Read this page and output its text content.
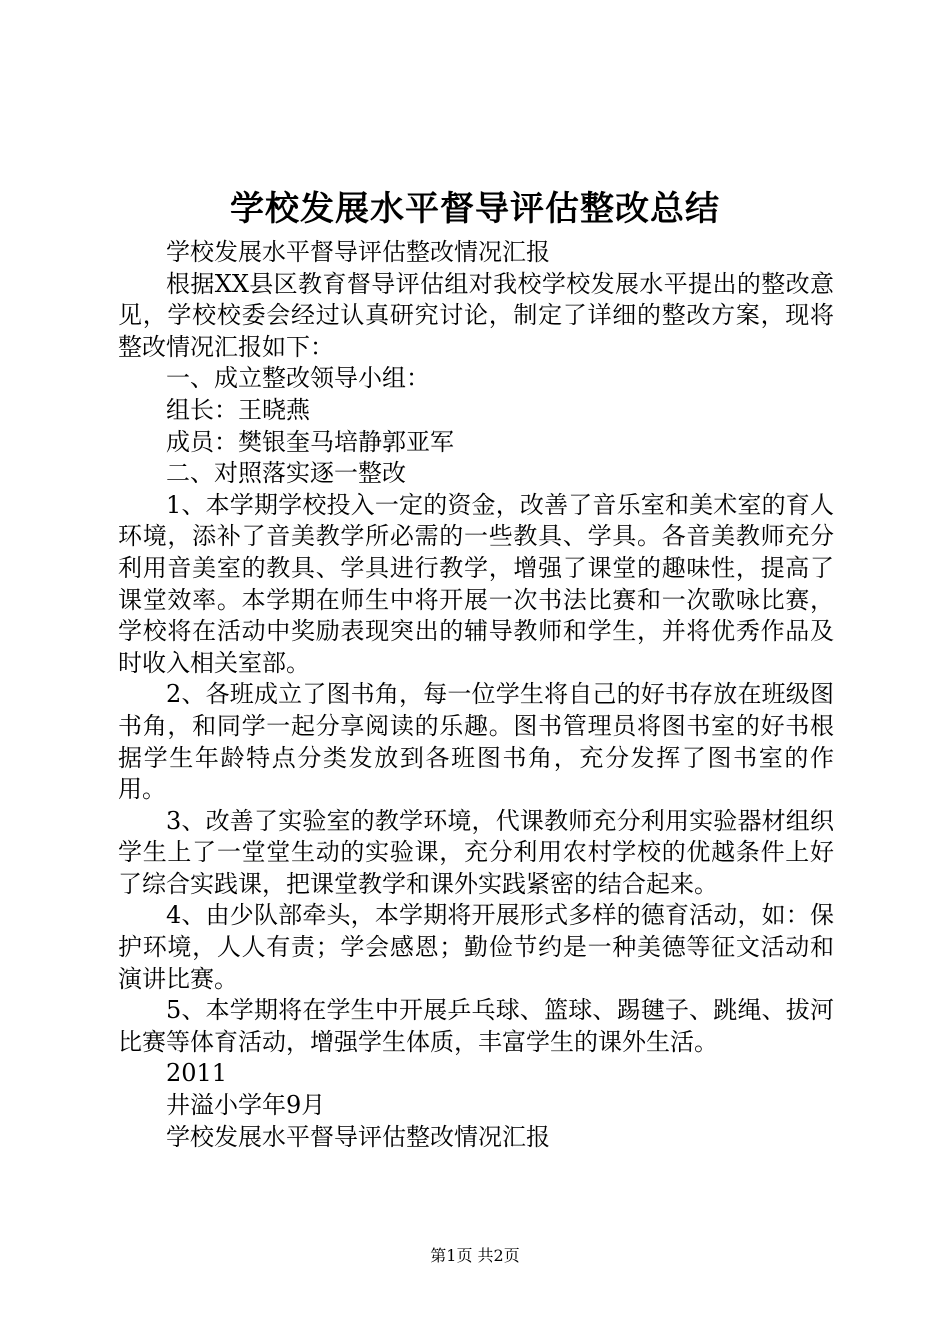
学校发展水平督导评估整改总结

学校发展水平督导评估整改情况汇报

根据XX县区教育督导评估组对我校学校发展水平提出的整改意见，学校校委会经过认真研究讨论，制定了详细的整改方案，现将整改情况汇报如下：

一、成立整改领导小组：

组长：王晓燕

成员：樊银奎马培静郭亚军

二、对照落实逐一整改

1、本学期学校投入一定的资金，改善了音乐室和美术室的育人环境，添补了音美教学所必需的一些教具、学具。各音美教师充分利用音美室的教具、学具进行教学，增强了课堂的趣味性，提高了课堂效率。本学期在师生中将开展一次书法比赛和一次歌咏比赛，学校将在活动中奖励表现突出的辅导教师和学生，并将优秀作品及时收入相关室部。

2、各班成立了图书角，每一位学生将自己的好书存放在班级图书角，和同学一起分享阅读的乐趣。图书管理员将图书室的好书根据学生年龄特点分类发放到各班图书角，充分发挥了图书室的作用。

3、改善了实验室的教学环境，代课教师充分利用实验器材组织学生上了一堂堂生动的实验课，充分利用农村学校的优越条件上好了综合实践课，把课堂教学和课外实践紧密的结合起来。

4、由少队部牵头，本学期将开展形式多样的德育活动，如：保护环境，人人有责；学会感恩；勤俭节约是一种美德等征文活动和演讲比赛。

5、本学期将在学生中开展乒乓球、篮球、踢毽子、跳绳、拔河比赛等体育活动，增强学生体质，丰富学生的课外生活。

2011

井溢小学年9月

学校发展水平督导评估整改情况汇报

第1页 共2页
